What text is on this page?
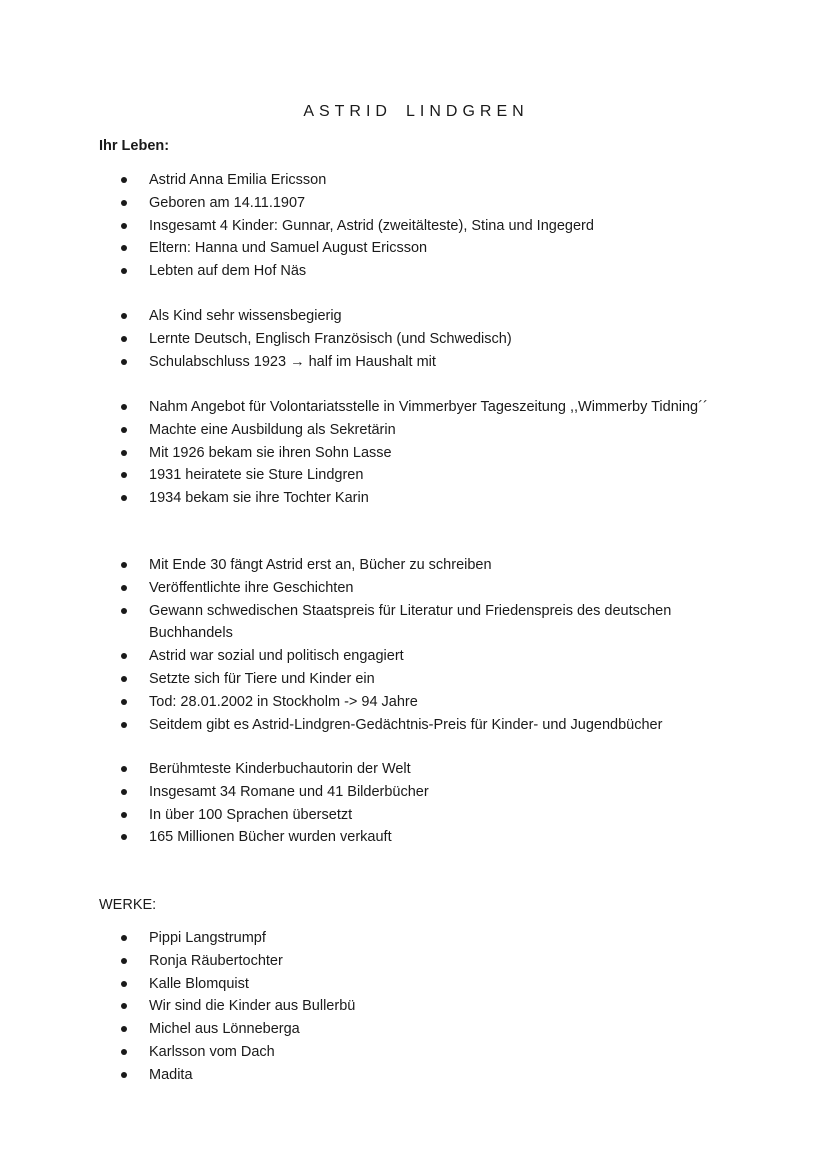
ASTRID LINDGREN
Ihr Leben:
Astrid Anna Emilia Ericsson
Geboren am 14.11.1907
Insgesamt 4 Kinder: Gunnar, Astrid (zweitälteste), Stina und Ingegerd
Eltern: Hanna und Samuel August Ericsson
Lebten auf dem Hof Näs
Als Kind sehr wissensbegierig
Lernte Deutsch, Englisch Französisch (und Schwedisch)
Schulabschluss 1923 → half im Haushalt mit
Nahm Angebot für Volontariatsstelle in Vimmerbyer Tageszeitung ,,Wimmerby Tidning´´
Machte eine Ausbildung als Sekretärin
Mit 1926 bekam sie ihren Sohn Lasse
1931 heiratete sie Sture Lindgren
1934 bekam sie ihre Tochter Karin
Mit Ende 30 fängt Astrid erst an, Bücher zu schreiben
Veröffentlichte ihre Geschichten
Gewann schwedischen Staatspreis für Literatur und Friedenspreis des deutschen Buchhandels
Astrid war sozial und politisch engagiert
Setzte sich für Tiere und Kinder ein
Tod: 28.01.2002 in Stockholm -> 94 Jahre
Seitdem gibt es Astrid-Lindgren-Gedächtnis-Preis für Kinder- und Jugendbücher
Berühmteste Kinderbuchautorin der Welt
Insgesamt 34 Romane und 41 Bilderbücher
In über 100 Sprachen übersetzt
165 Millionen Bücher wurden verkauft
WERKE:
Pippi Langstrumpf
Ronja Räubertochter
Kalle Blomquist
Wir sind die Kinder aus Bullerbü
Michel aus Lönneberga
Karlsson vom Dach
Madita
